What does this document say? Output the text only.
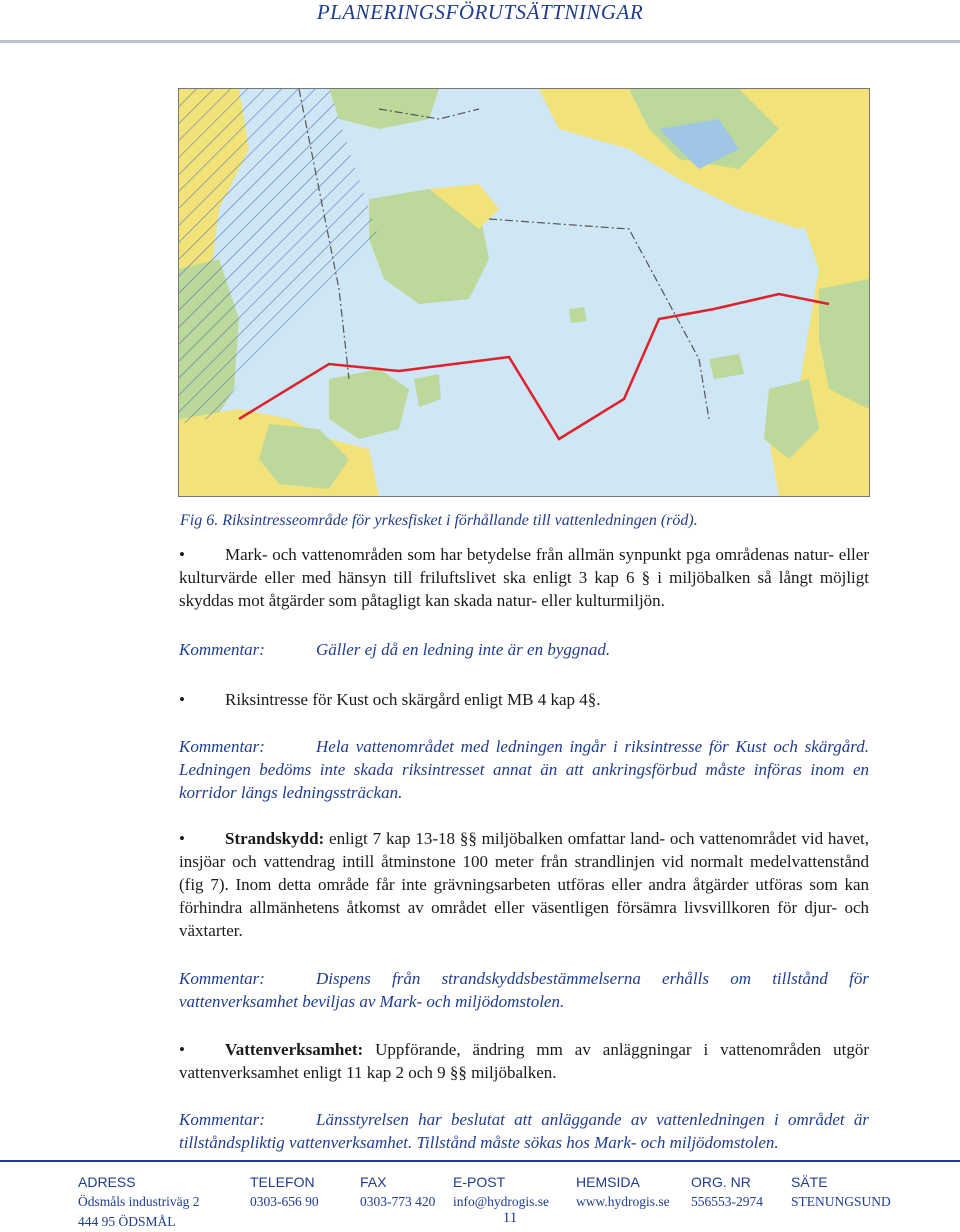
PLANERINGSFÖRUTSÄTTNINGAR
Fig 6. Riksintresseområde för yrkesfisket i förhållande till vattenledningen (röd).
• Mark- och vattenområden som har betydelse från allmän synpunkt pga områdenas natur- eller kulturvärde eller med hänsyn till friluftslivet ska enligt 3 kap 6 § i miljöbalken så långt möjligt skyddas mot åtgärder som påtagligt kan skada natur- eller kulturmiljön.
Kommentar:	Gäller ej då en ledning inte är en byggnad.
• Riksintresse för Kust och skärgård enligt MB 4 kap 4§.
Kommentar:	Hela vattenområdet med ledningen ingår i riksintresse för Kust och skärgård. Ledningen bedöms inte skada riksintresset annat än att ankringsförbud måste införas inom en korridor längs ledningssträckan.
• Strandskydd: enligt 7 kap 13-18 §§ miljöbalken omfattar land- och vattenområdet vid havet, insjöar och vattendrag intill åtminstone 100 meter från strandlinjen vid normalt medelvattenstånd (fig 7). Inom detta område får inte grävningsarbeten utföras eller andra åtgärder utföras som kan förhindra allmänhetens åtkomst av området eller väsentligen försämra livsvillkoren för djur- och växtarter.
Kommentar:	Dispens från strandskyddsbestämmelserna erhålls om tillstånd för vattenverksamhet beviljas av Mark- och miljödomstolen.
• Vattenverksamhet: Uppförande, ändring mm av anläggningar i vattenområden utgör vattenverksamhet enligt 11 kap 2 och 9 §§ miljöbalken.
Kommentar:	Länsstyrelsen har beslutat att anläggande av vattenledningen i området är tillståndspliktig vattenverksamhet. Tillstånd måste sökas hos Mark- och miljödomstolen.
ADRESS
Ödsmåls industriväg 2
444 95 ÖDSMÅL
TELEFON
0303-656 90
FAX
0303-773 420
E-POST
info@hydrogis.se
HEMSIDA
www.hydrogis.se
ORG. NR
556553-2974
SÄTE
STENUNGSUND
11
